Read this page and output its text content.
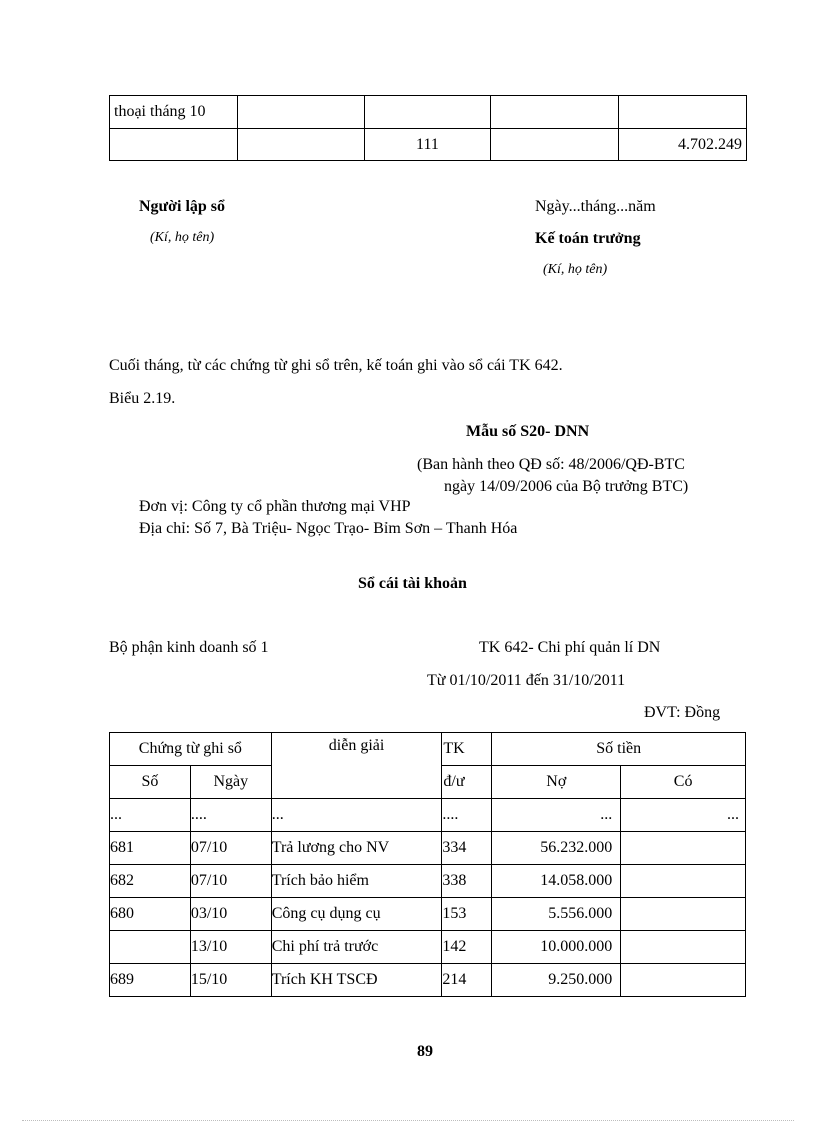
thoại tháng 10				
		111		4.702.249
Người lập sổ
(Kí, họ tên)
Ngày...tháng...năm
Kế toán trưởng
(Kí, họ tên)
Cuối tháng, từ các chứng từ ghi sổ trên, kế toán ghi vào sổ cái TK 642.
Biểu 2.19.
Mẫu số S20- DNN
(Ban hành theo QĐ số: 48/2006/QĐ-BTC
ngày 14/09/2006 của Bộ trưởng BTC)
Đơn vị: Công ty cổ phần thương mại VHP
Địa chỉ: Số 7, Bà Triệu- Ngọc Trạo- Bỉm Sơn – Thanh Hóa
Sổ cái tài khoản
Bộ phận kinh doanh số 1	TK 642- Chi phí quản lí DN
Từ 01/10/2011 đến 31/10/2011
ĐVT: Đồng
Chứng từ ghi sổ		diễn giải	TK	Số tiền	
Số	Ngày		đ/ư	Nợ	Có
...	....	...	....	...	...
681	07/10	Trả lương cho NV	334	56.232.000	
682	07/10	Trích bảo hiểm	338	14.058.000	
680	03/10	Công cụ dụng cụ	153	5.556.000	
	13/10	Chi phí trả trước	142	10.000.000	
689	15/10	Trích KH TSCĐ	214	9.250.000	
89
